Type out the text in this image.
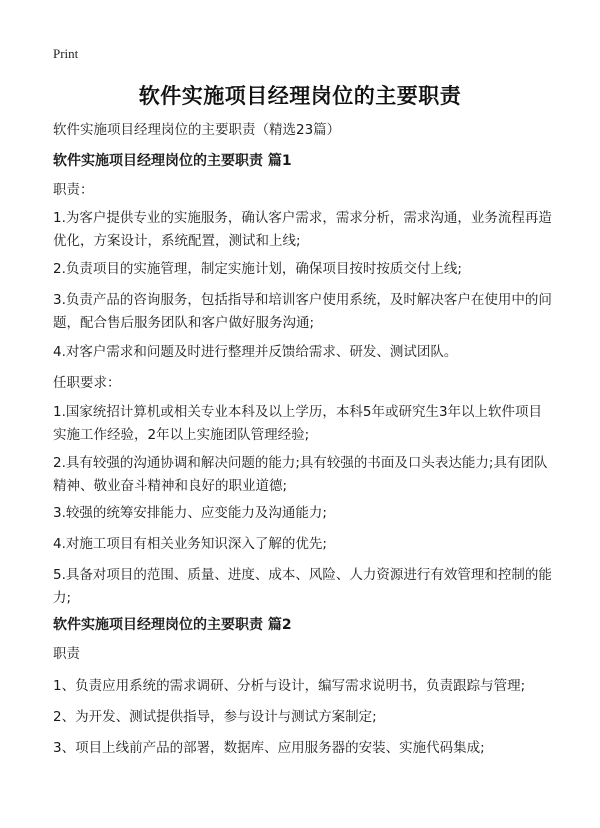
Print
软件实施项目经理岗位的主要职责
软件实施项目经理岗位的主要职责（精选23篇）
软件实施项目经理岗位的主要职责 篇1
职责：
1.为客户提供专业的实施服务，确认客户需求，需求分析，需求沟通，业务流程再造优化，方案设计，系统配置，测试和上线;
2.负责项目的实施管理，制定实施计划，确保项目按时按质交付上线;
3.负责产品的咨询服务，包括指导和培训客户使用系统，及时解决客户在使用中的问题，配合售后服务团队和客户做好服务沟通;
4.对客户需求和问题及时进行整理并反馈给需求、研发、测试团队。
任职要求：
1.国家统招计算机或相关专业本科及以上学历，本科5年或研究生3年以上软件项目实施工作经验，2年以上实施团队管理经验;
2.具有较强的沟通协调和解决问题的能力;具有较强的书面及口头表达能力;具有团队精神、敬业奋斗精神和良好的职业道德;
3.较强的统筹安排能力、应变能力及沟通能力;
4.对施工项目有相关业务知识深入了解的优先;
5.具备对项目的范围、质量、进度、成本、风险、人力资源进行有效管理和控制的能力;
软件实施项目经理岗位的主要职责 篇2
职责
1、负责应用系统的需求调研、分析与设计，编写需求说明书，负责跟踪与管理;
2、为开发、测试提供指导，参与设计与测试方案制定;
3、项目上线前产品的部署，数据库、应用服务器的安装、实施代码集成;
